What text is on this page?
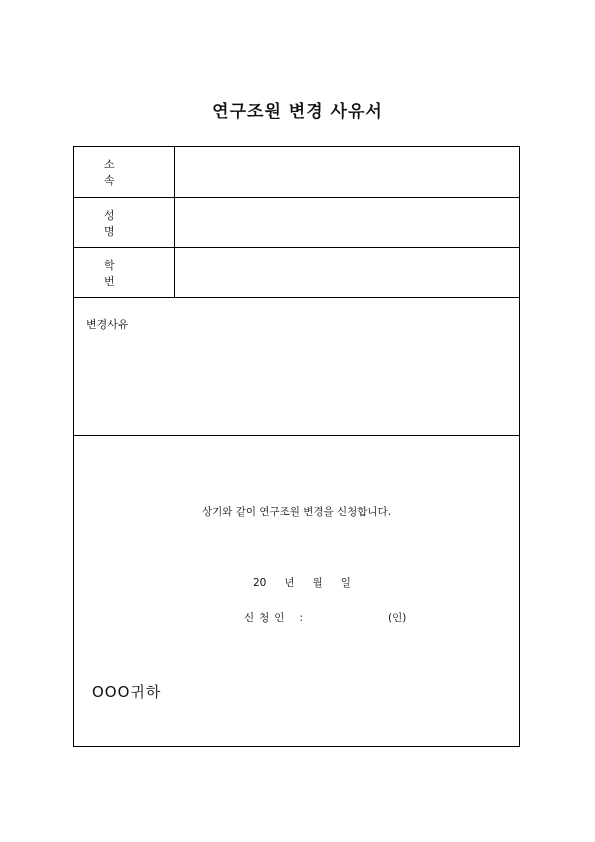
연구조원 변경 사유서
소속
성명
학번
변경사유
상기와 같이 연구조원 변경을 신청합니다.
20 년 월 일
신청인 :	(인)
OOO귀하
